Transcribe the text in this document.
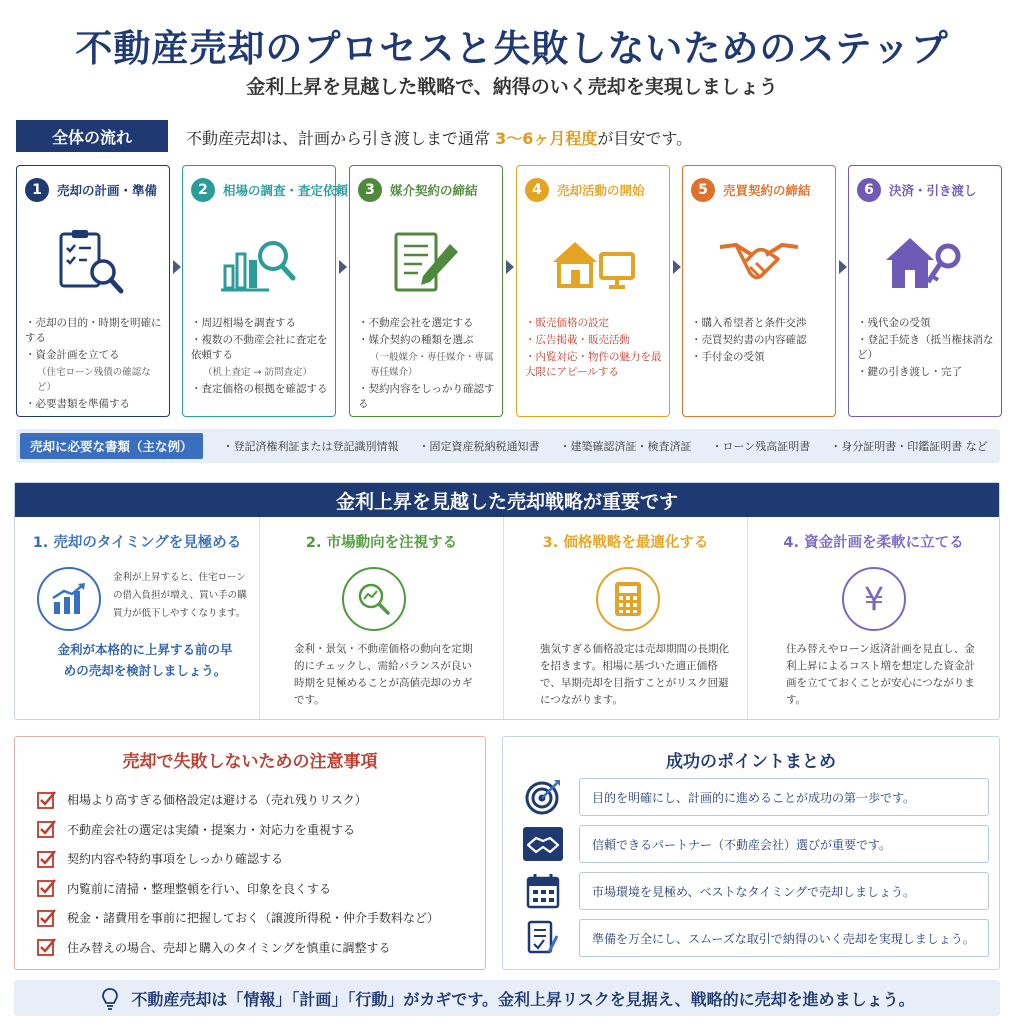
不動産売却のプロセスと失敗しないためのステップ
金利上昇を見越した戦略で、納得のいく売却を実現しましょう
全体の流れ	不動産売却は、計画から引き渡しまで通常 3〜6ヶ月程度が目安です。
1	売却の計画・準備
・ 売却の目的・時期を明確にする
・ 資金計画を立てる
（住宅ローン残債の確認など）
・ 必要書類を準備する
2	相場の調査・査定依頼
・ 周辺相場を調査する
・ 複数の不動産会社に査定を依頼する
（机上査定 → 訪問査定）
・ 査定価格の根拠を確認する
3	媒介契約の締結
・ 不動産会社を選定する
・ 媒介契約の種類を選ぶ
（一般媒介・専任媒介・専属専任媒介）
・ 契約内容をしっかり確認する
4	売却活動の開始
・ 販売価格の設定
・ 広告掲載・販売活動
・ 内覧対応・物件の魅力を最大限にアピールする
5	売買契約の締結
・ 購入希望者と条件交渉
・ 売買契約書の内容確認
・ 手付金の受領
6	決済・引き渡し
・ 残代金の受領
・ 登記手続き（抵当権抹消など）
・ 鍵の引き渡し・完了
売却に必要な書類（主な例）	・ 登記済権利証または登記識別情報	・ 固定資産税納税通知書	・ 建築確認済証・検査済証	・ ローン残高証明書	・ 身分証明書・印鑑証明書 など
金利上昇を見越した売却戦略が重要です
1. 売却のタイミングを見極める
金利が上昇すると、住宅ローンの借入負担が増え、買い手の購買力が低下しやすくなります。
金利が本格的に上昇する前の早めの売却を検討しましょう。
2. 市場動向を注視する
金利・景気・不動産価格の動向を定期的にチェックし、需給バランスが良い時期を見極めることが高値売却のカギです。
3. 価格戦略を最適化する
強気すぎる価格設定は売却期間の長期化を招きます。相場に基づいた適正価格で、早期売却を目指すことがリスク回避につながります。
4. 資金計画を柔軟に立てる
¥
住み替えやローン返済計画を見直し、金利上昇によるコスト増を想定した資金計画を立てておくことが安心につながります。
売却で失敗しないための注意事項
相場より高すぎる価格設定は避ける（売れ残りリスク）
不動産会社の選定は実績・提案力・対応力を重視する
契約内容や特約事項をしっかり確認する
内覧前に清掃・整理整頓を行い、印象を良くする
税金・諸費用を事前に把握しておく（譲渡所得税・仲介手数料など）
住み替えの場合、売却と購入のタイミングを慎重に調整する
成功のポイントまとめ
目的を明確にし、計画的に進めることが成功の第一歩です。
信頼できるパートナー（不動産会社）選びが重要です。
市場環境を見極め、ベストなタイミングで売却しましょう。
準備を万全にし、スムーズな取引で納得のいく売却を実現しましょう。
不動産売却は「情報」「計画」「行動」がカギです。金利上昇リスクを見据え、戦略的に売却を進めましょう。
